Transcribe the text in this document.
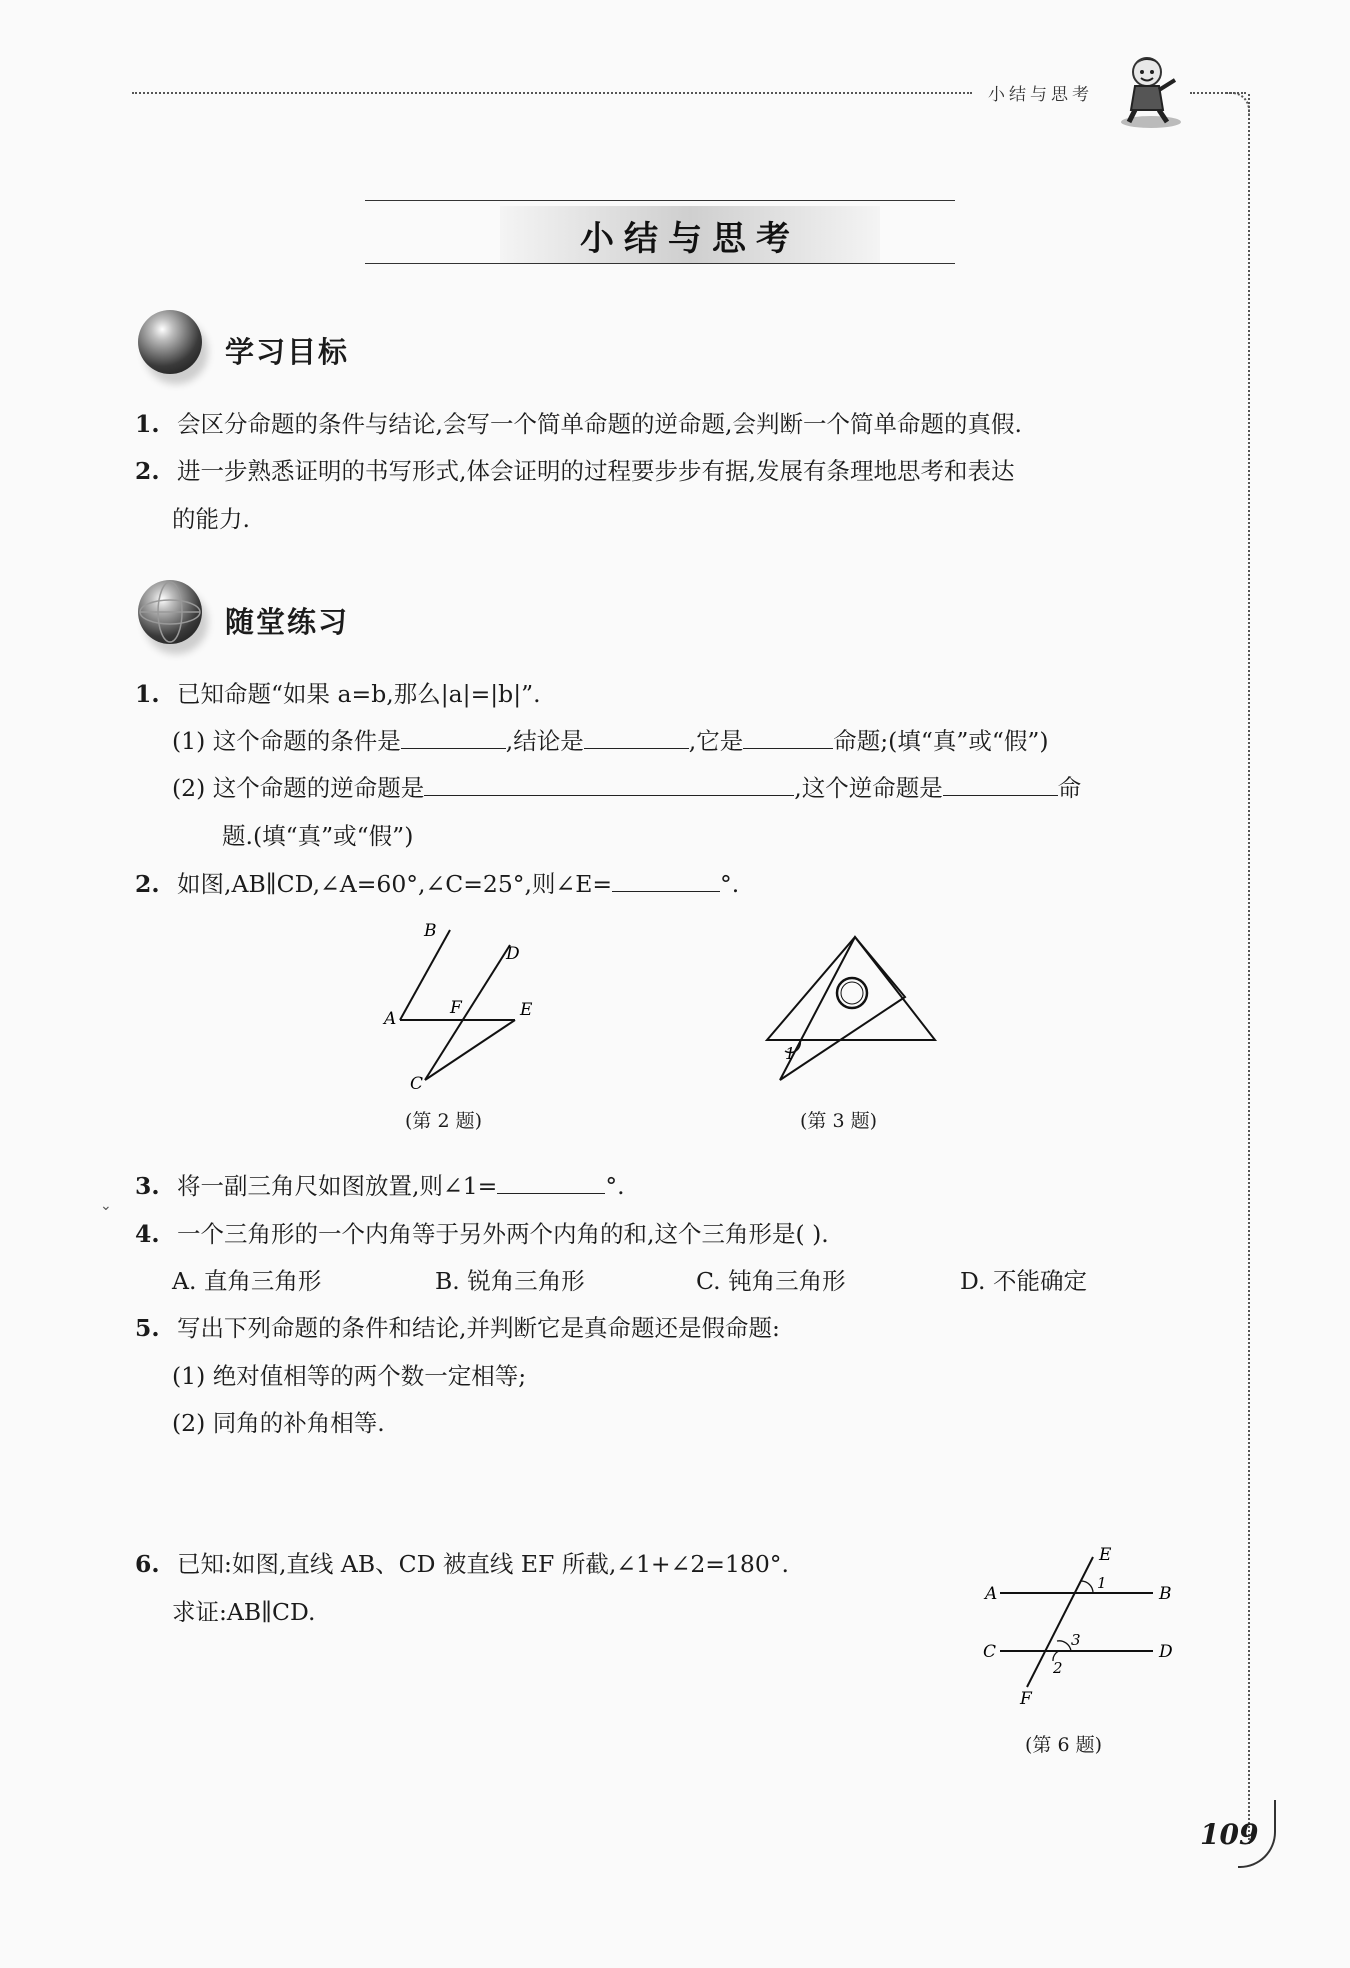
小结与思考
小结与思考
学习目标
1. 会区分命题的条件与结论,会写一个简单命题的逆命题,会判断一个简单命题的真假.
2. 进一步熟悉证明的书写形式,体会证明的过程要步步有据,发展有条理地思考和表达
的能力.
随堂练习
1. 已知命题“如果 a=b,那么|a|=|b|”.
(1) 这个命题的条件是	,结论是	,它是	命题;(填“真”或“假”)
(2) 这个命题的逆命题是	,这个逆命题是	命
题.(填“真”或“假”)
2. 如图,AB∥CD,∠A=60°,∠C=25°,则∠E=	°.
B
D
F
A	E
C
(第 2 题)
1
(第 3 题)
⌄
3. 将一副三角尺如图放置,则∠1=	°.
4. 一个三角形的一个内角等于另外两个内角的和,这个三角形是( ).
A. 直角三角形	B. 锐角三角形	C. 钝角三角形	D. 不能确定
5. 写出下列命题的条件和结论,并判断它是真命题还是假命题:
(1) 绝对值相等的两个数一定相等;
(2) 同角的补角相等.
6. 已知:如图,直线 AB、CD 被直线 EF 所截,∠1+∠2=180°.
求证:AB∥CD.
E
A
1
B
C
3
D
2
F
(第 6 题)
109
